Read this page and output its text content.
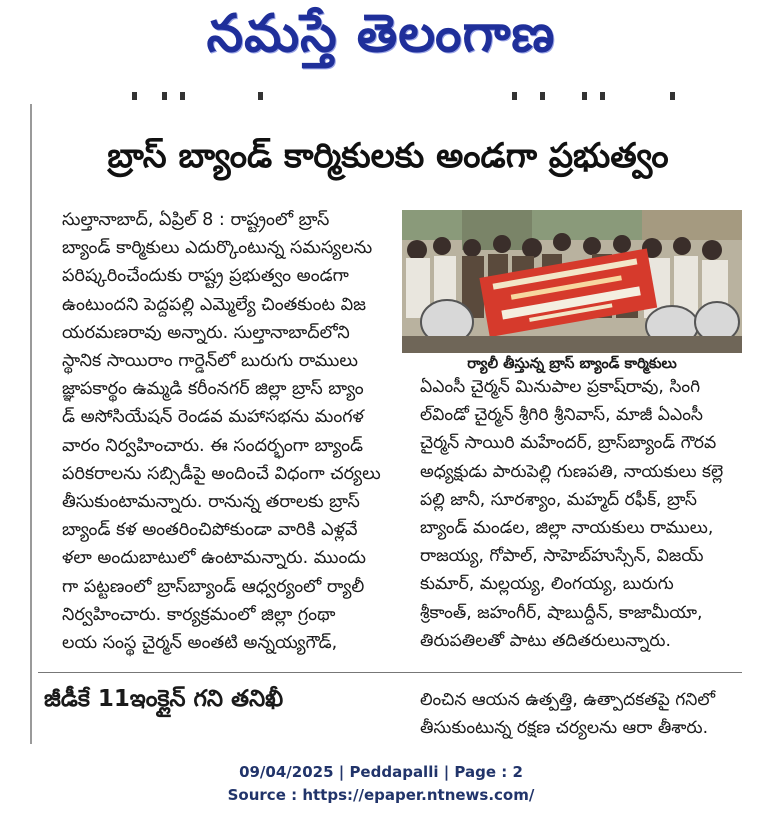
నమస్తే తెలంగాణ
బ్రాస్ బ్యాండ్ కార్మికులకు అండగా ప్రభుత్వం
సుల్తానాబాద్, ఏప్రిల్ 8 : రాష్ట్రంలో బ్రాస్
బ్యాండ్ కార్మికులు ఎదుర్కొంటున్న సమస్యలను
పరిష్కరించేందుకు రాష్ట్ర ప్రభుత్వం అండగా
ఉంటుందని పెద్దపల్లి ఎమ్మెల్యే చింతకుంట విజ
యరమణరావు అన్నారు. సుల్తానాబాద్‌లోని
స్థానిక సాయిరాం గార్డెన్‌లో బురుగు రాములు
జ్ఞాపకార్థం ఉమ్మడి కరీంనగర్ జిల్లా బ్రాస్ బ్యాం
డ్ అసోసియేషన్ రెండవ మహాసభను మంగళ
వారం నిర్వహించారు. ఈ సందర్భంగా బ్యాండ్
పరికరాలను సబ్సిడీపై అందించే విధంగా చర్యలు
తీసుకుంటామన్నారు. రానున్న తరాలకు బ్రాస్
బ్యాండ్ కళ అంతరించిపోకుండా వారికి ఎళ్లవే
ళలా అందుబాటులో ఉంటామన్నారు. ముందు
గా పట్టణంలో బ్రాస్‌బ్యాండ్ ఆధ్వర్యంలో ర్యాలీ
నిర్వహించారు. కార్యక్రమంలో జిల్లా గ్రంథా
లయ సంస్థ చైర్మన్ అంతటి అన్నయ్యగౌడ్,
ర్యాలీ తీస్తున్న బ్రాస్ బ్యాండ్ కార్మికులు
ఏఎంసీ చైర్మన్ మినుపాల ప్రకాష్‌రావు, సింగి
ల్‌విండో చైర్మన్ శ్రీగిరి శ్రీనివాస్, మాజీ ఏఎంసీ
చైర్మన్ సాయిరి మహేందర్, బ్రాస్‌బ్యాండ్ గౌరవ
అధ్యక్షుడు పారుపెల్లి గుణపతి, నాయకులు కల్లె
పల్లి జానీ, సూరశ్యాం, మహ్మద్ రఫీక్, బ్రాస్
బ్యాండ్ మండల, జిల్లా నాయకులు రాములు,
రాజయ్య, గోపాల్, సాహెబ్‌హుస్సేన్, విజయ్
కుమార్, మల్లయ్య, లింగయ్య, బురుగు
శ్రీకాంత్, జహంగీర్, షాబుద్దీన్, కాజామీయా,
తిరుపతిలతో పాటు తదితరులున్నారు.
జీడీకే 11ఇంక్లైన్ గని తనిఖీ	లించిన ఆయన ఉత్పత్తి, ఉత్పాదకతపై గనిలో
తీసుకుంటున్న రక్షణ చర్యలను ఆరా తీశారు.
09/04/2025 | Peddapalli | Page : 2
Source : https://epaper.ntnews.com/
